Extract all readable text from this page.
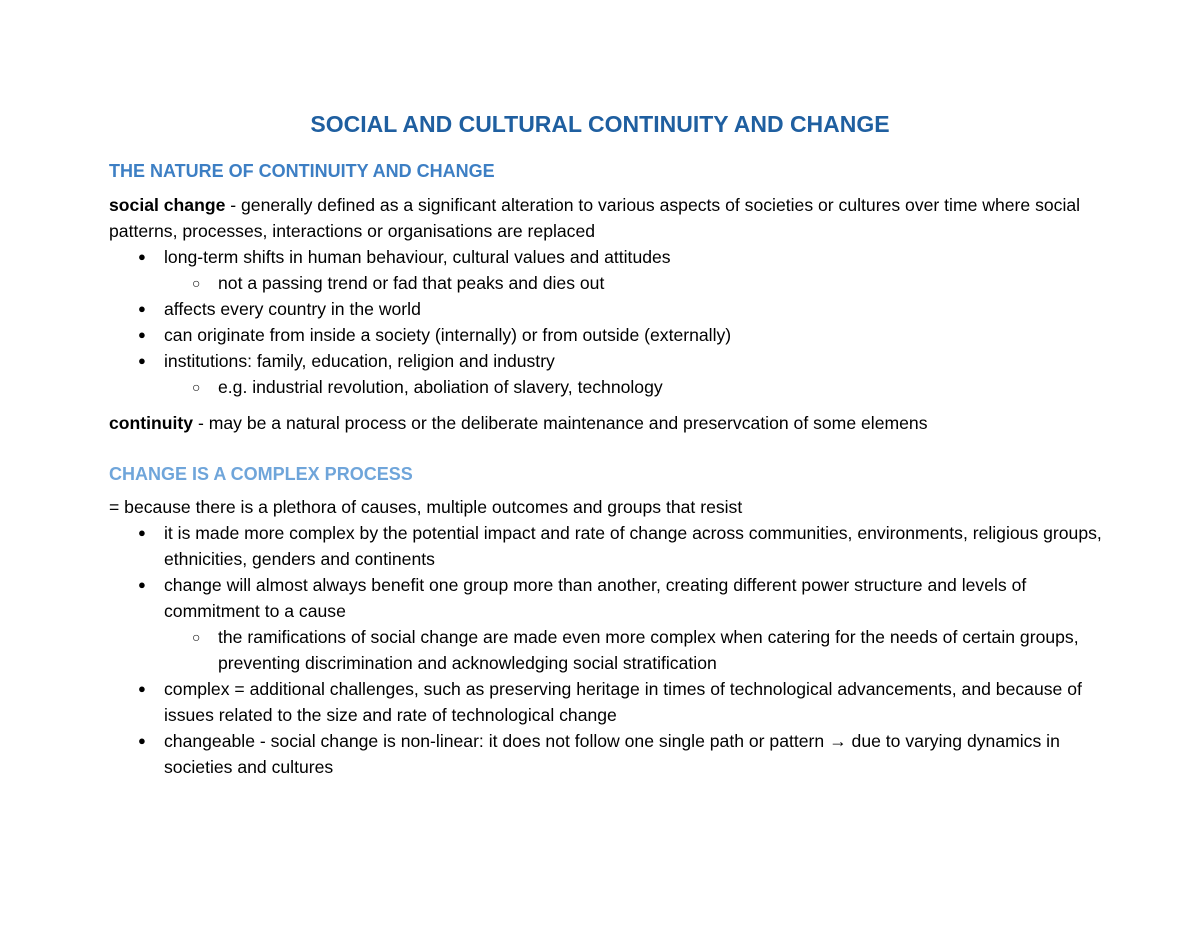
SOCIAL AND CULTURAL CONTINUITY AND CHANGE
THE NATURE OF CONTINUITY AND CHANGE
social change - generally defined as a significant alteration to various aspects of societies or cultures over time where social patterns, processes, interactions or organisations are replaced
● long-term shifts in human behaviour, cultural values and attitudes
○ not a passing trend or fad that peaks and dies out
● affects every country in the world
● can originate from inside a society (internally) or from outside (externally)
● institutions: family, education, religion and industry
○ e.g. industrial revolution, aboliation of slavery, technology
continuity - may be a natural process or the deliberate maintenance and preservcation of some elemens
CHANGE IS A COMPLEX PROCESS
= because there is a plethora of causes, multiple outcomes and groups that resist
● it is made more complex by the potential impact and rate of change across communities, environments, religious groups, ethnicities, genders and continents
● change will almost always benefit one group more than another, creating different power structure and levels of commitment to a cause
○ the ramifications of social change are made even more complex when catering for the needs of certain groups, preventing discrimination and acknowledging social stratification
● complex = additional challenges, such as preserving heritage in times of technological advancements, and because of issues related to the size and rate of technological change
● changeable - social change is non-linear: it does not follow one single path or pattern → due to varying dynamics in societies and cultures
